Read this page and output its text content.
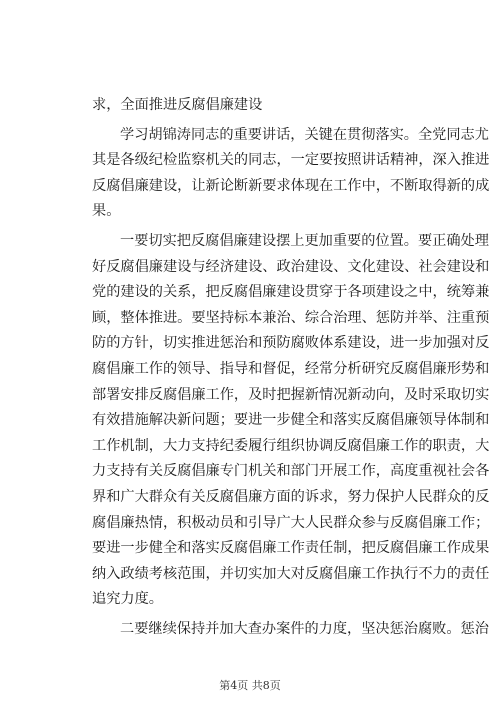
求，全面推进反腐倡廉建设
学习胡锦涛同志的重要讲话，关键在贯彻落实。全党同志尤
其是各级纪检监察机关的同志，一定要按照讲话精神，深入推进
反腐倡廉建设，让新论断新要求体现在工作中，不断取得新的成
果。
一要切实把反腐倡廉建设摆上更加重要的位置。要正确处理
好反腐倡廉建设与经济建设、政治建设、文化建设、社会建设和
党的建设的关系，把反腐倡廉建设贯穿于各项建设之中，统筹兼
顾，整体推进。要坚持标本兼治、综合治理、惩防并举、注重预
防的方针，切实推进惩治和预防腐败体系建设，进一步加强对反
腐倡廉工作的领导、指导和督促，经常分析研究反腐倡廉形势和
部署安排反腐倡廉工作，及时把握新情况新动向，及时采取切实
有效措施解决新问题；要进一步健全和落实反腐倡廉领导体制和
工作机制，大力支持纪委履行组织协调反腐倡廉工作的职责，大
力支持有关反腐倡廉专门机关和部门开展工作，高度重视社会各
界和广大群众有关反腐倡廉方面的诉求，努力保护人民群众的反
腐倡廉热情，积极动员和引导广大人民群众参与反腐倡廉工作；
要进一步健全和落实反腐倡廉工作责任制，把反腐倡廉工作成果
纳入政绩考核范围，并切实加大对反腐倡廉工作执行不力的责任
追究力度。
二要继续保持并加大查办案件的力度，坚决惩治腐败。惩治
第4页 共8页
